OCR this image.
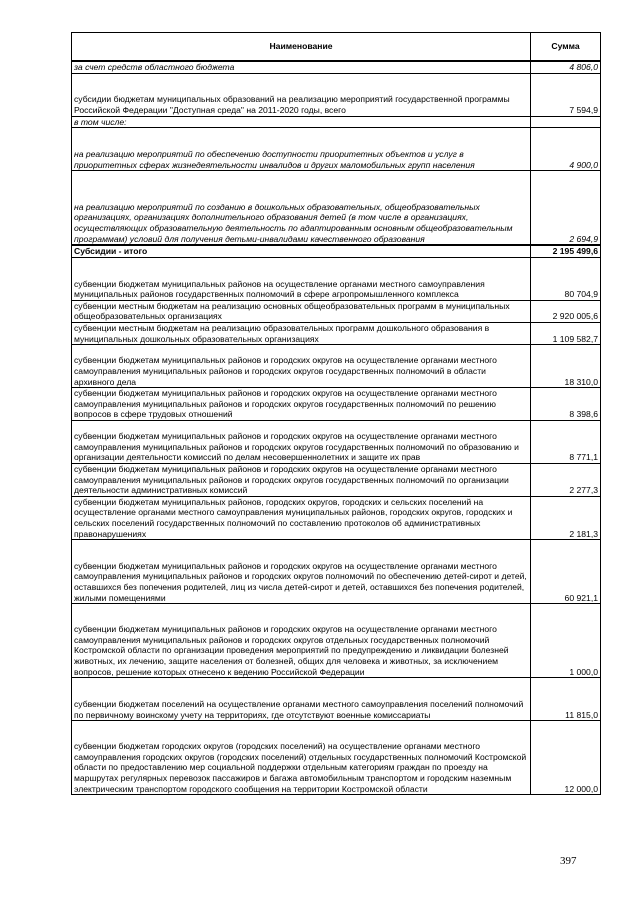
Наименование	Сумма
за счет средств областного бюджета	4 806,0
субсидии бюджетам муниципальных образований на реализацию мероприятий государственной программы Российской Федерации "Доступная среда" на 2011-2020 годы, всего	7 594,9
в том числе:	
на реализацию мероприятий по обеспечению доступности приоритетных объектов и услуг в приоритетных сферах жизнедеятельности инвалидов и других маломобильных групп населения	4 900,0
на реализацию мероприятий по созданию в дошкольных образовательных, общеобразовательных организациях, организациях дополнительного образования детей (в том числе в организациях, осуществляющих образовательную деятельность по адаптированным основным общеобразовательным программам) условий для получения детьми-инвалидами качественного образования	2 694,9
Субсидии - итого	2 195 499,6
субвенции бюджетам муниципальных районов на осуществление органами местного самоуправления муниципальных районов государственных полномочий в сфере агропромышленного комплекса	80 704,9
субвенции местным бюджетам на реализацию основных общеобразовательных программ в муниципальных общеобразовательных организациях	2 920 005,6
субвенции местным бюджетам на реализацию образовательных программ дошкольного образования в муниципальных дошкольных образовательных организациях	1 109 582,7
субвенции бюджетам муниципальных районов и городских округов на осуществление органами местного самоуправления муниципальных районов и городских округов государственных полномочий в области архивного дела	18 310,0
субвенции бюджетам муниципальных районов и городских округов на осуществление органами местного самоуправления муниципальных районов и городских округов государственных полномочий по решению вопросов в сфере трудовых отношений	8 398,6
субвенции бюджетам муниципальных районов и городских округов на осуществление органами местного самоуправления муниципальных районов и городских округов государственных полномочий по образованию и организации деятельности комиссий по делам несовершеннолетних и защите их прав	8 771,1
субвенции бюджетам муниципальных районов и городских округов на осуществление органами местного самоуправления муниципальных районов и городских округов государственных полномочий по организации деятельности административных комиссий	2 277,3
субвенции бюджетам муниципальных районов, городских округов, городских и сельских поселений на осуществление органами местного самоуправления муниципальных районов, городских округов, городских и сельских поселений государственных полномочий по составлению протоколов об административных правонарушениях	2 181,3
субвенции бюджетам муниципальных районов и городских округов на осуществление органами местного самоуправления муниципальных районов и городских округов полномочий по обеспечению детей-сирот и детей, оставшихся без попечения родителей, лиц из числа детей-сирот и детей, оставшихся без попечения родителей, жилыми помещениями	60 921,1
субвенции бюджетам муниципальных районов и городских округов на осуществление органами местного самоуправления муниципальных районов и городских округов отдельных государственных полномочий Костромской области по организации проведения мероприятий по предупреждению и ликвидации болезней животных, их лечению, защите населения от болезней, общих для человека и животных, за исключением вопросов, решение которых отнесено к ведению Российской Федерации	1 000,0
субвенции бюджетам поселений на осуществление органами местного самоуправления поселений полномочий по первичному воинскому учету на территориях, где отсутствуют военные комиссариаты	11 815,0
субвенции бюджетам городских округов (городских поселений) на осуществление органами местного самоуправления городских округов (городских поселений) отдельных государственных полномочий Костромской области по предоставлению мер социальной поддержки отдельным категориям граждан по проезду на маршрутах регулярных перевозок пассажиров и багажа автомобильным транспортом и городским наземным электрическим транспортом городского сообщения на территории Костромской области	12 000,0
397
